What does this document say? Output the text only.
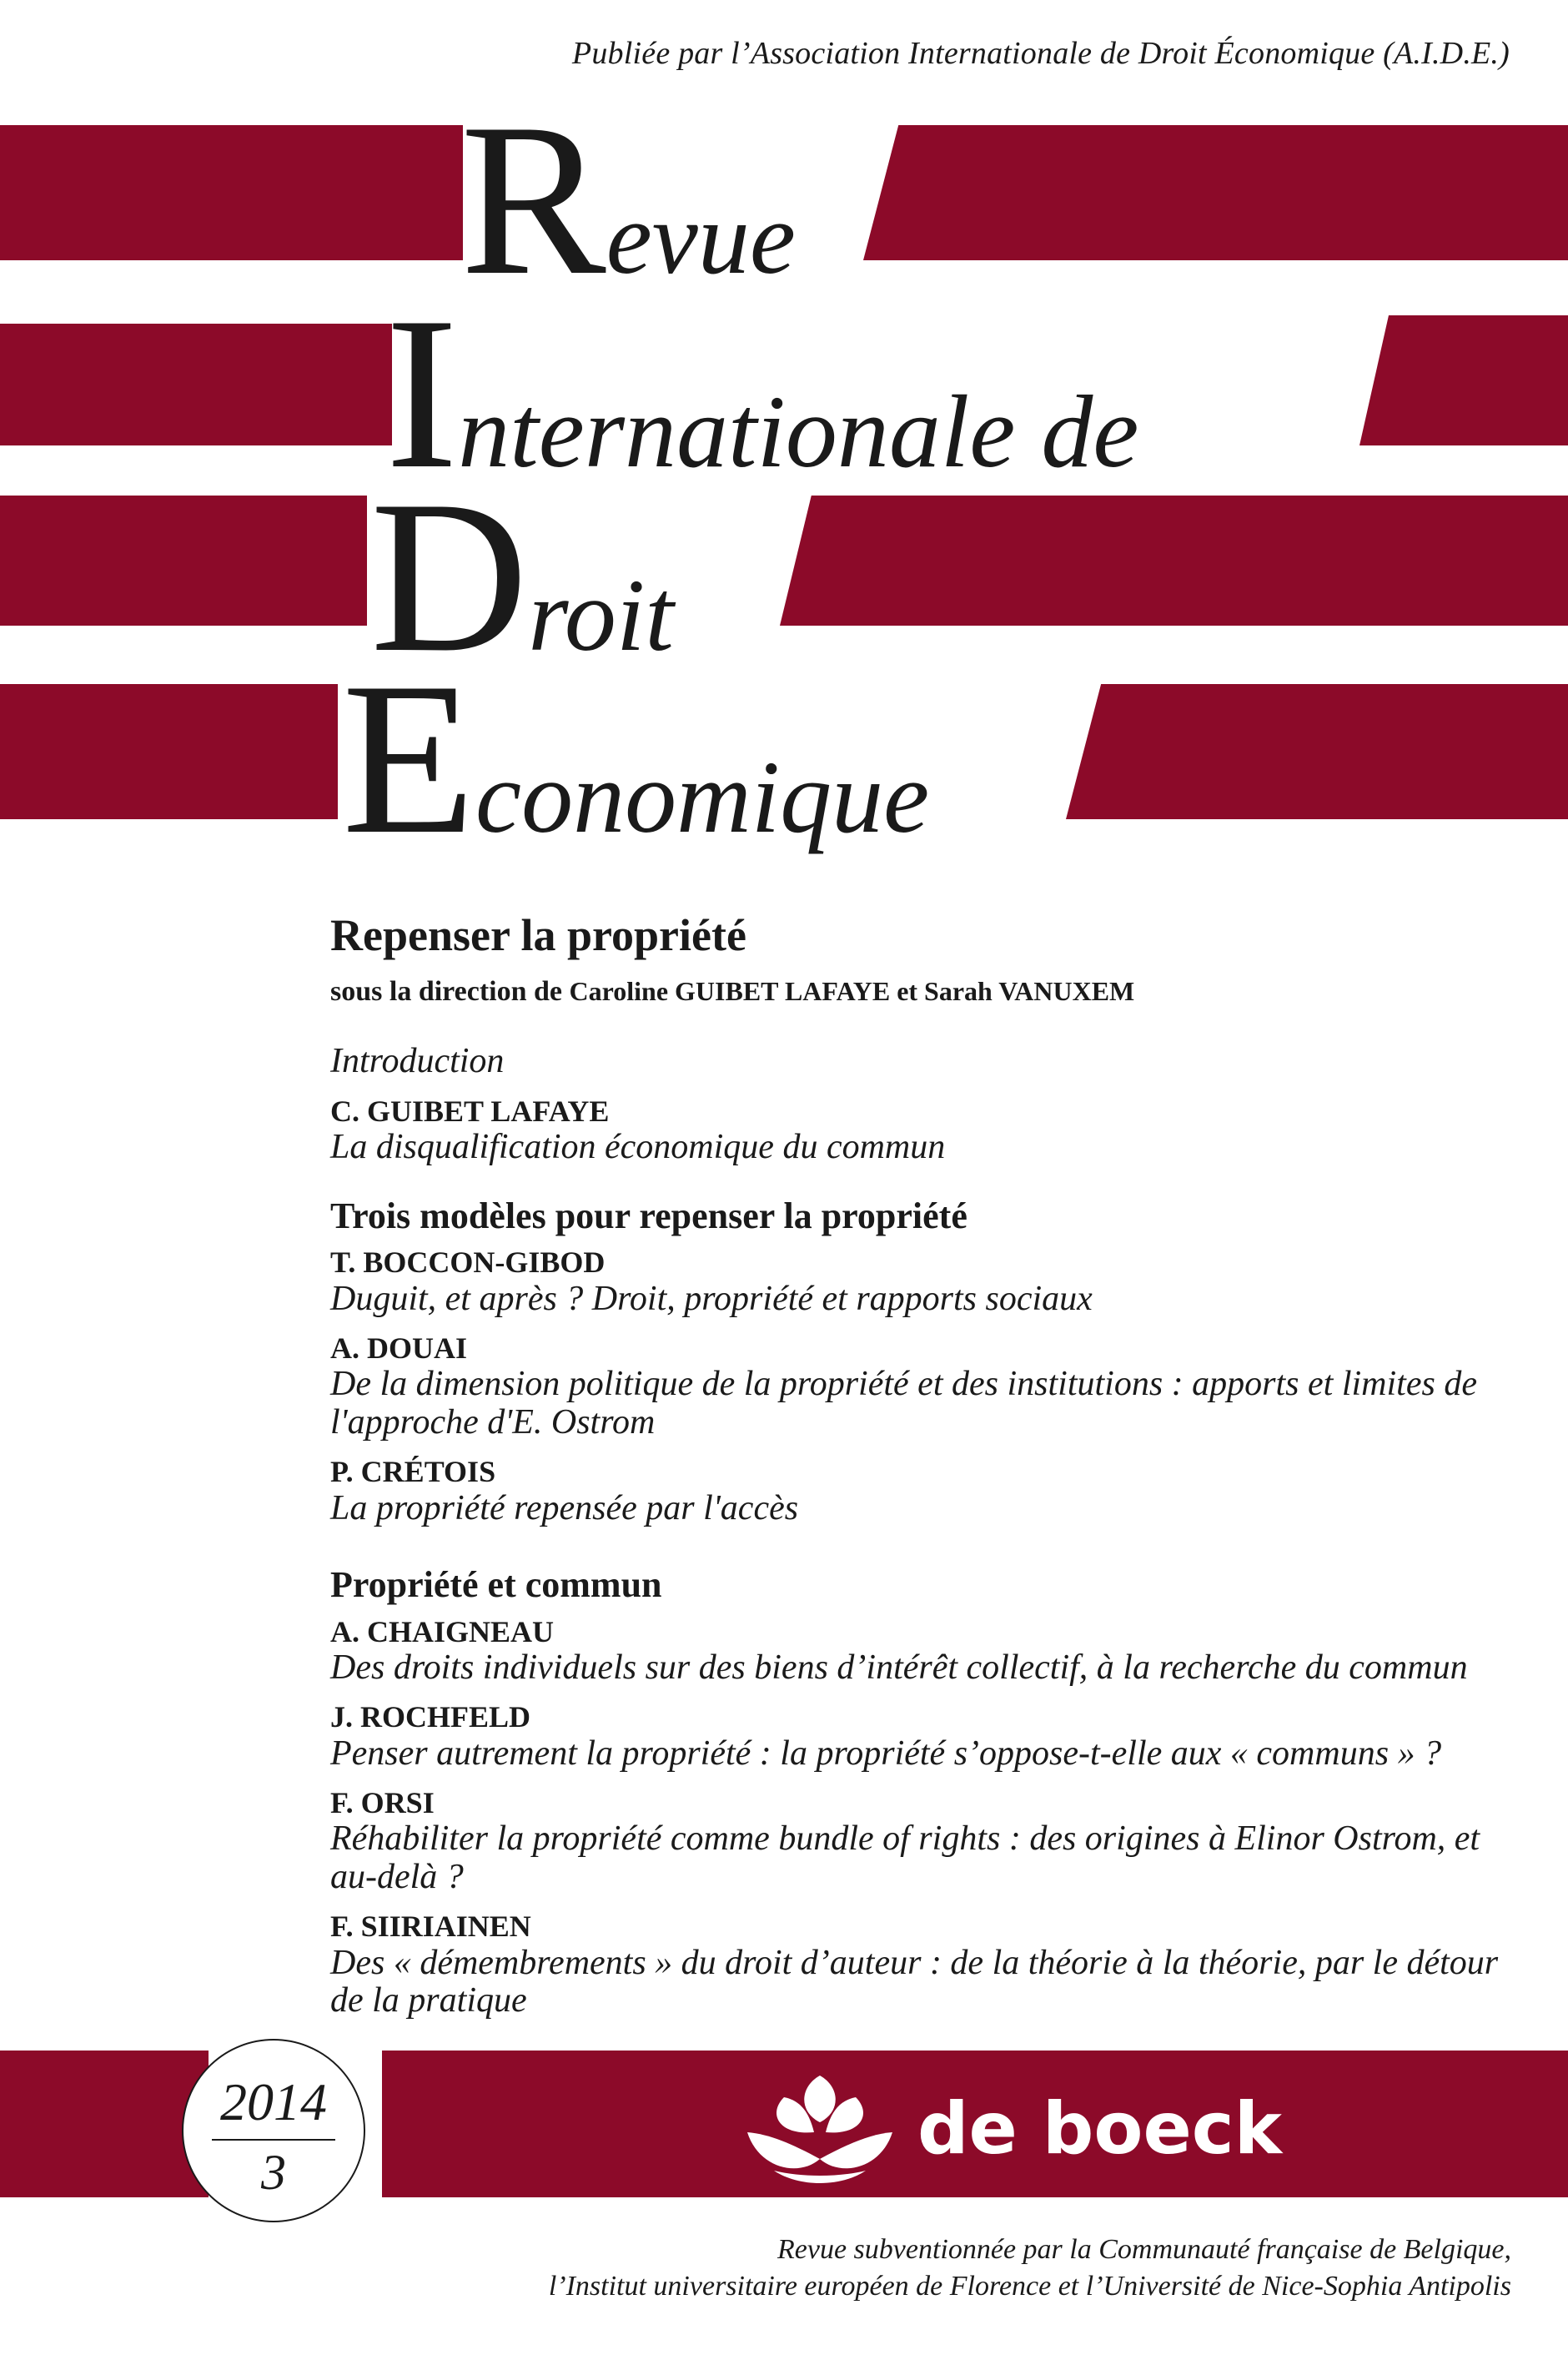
Publiée par l’Association Internationale de Droit Économique (A.I.D.E.)
Revue
Internationale de
Droit
Economique
Repenser la propriété
sous la direction de Caroline GUIBET LAFAYE et Sarah VANUXEM
Introduction
C. GUIBET LAFAYE
La disqualification économique du commun
Trois modèles pour repenser la propriété
T. BOCCON-GIBOD
Duguit, et après ? Droit, propriété et rapports sociaux
A. DOUAI
De la dimension politique de la propriété et des institutions : apports et limites de l'approche d'E. Ostrom
P. CRÉTOIS
La propriété repensée par l'accès
Propriété et commun
A. CHAIGNEAU
Des droits individuels sur des biens d’intérêt collectif, à la recherche du commun
J. ROCHFELD
Penser autrement la propriété : la propriété s’oppose-t-elle aux « communs » ?
F. ORSI
Réhabiliter la propriété comme bundle of rights : des origines à Elinor Ostrom, et au-delà ?
F. SIIRIAINEN
Des « démembrements » du droit d’auteur : de la théorie à la théorie, par le détour de la pratique
2014
3
de boeck
Revue subventionnée par la Communauté française de Belgique,
l’Institut universitaire européen de Florence et l’Université de Nice-Sophia Antipolis
